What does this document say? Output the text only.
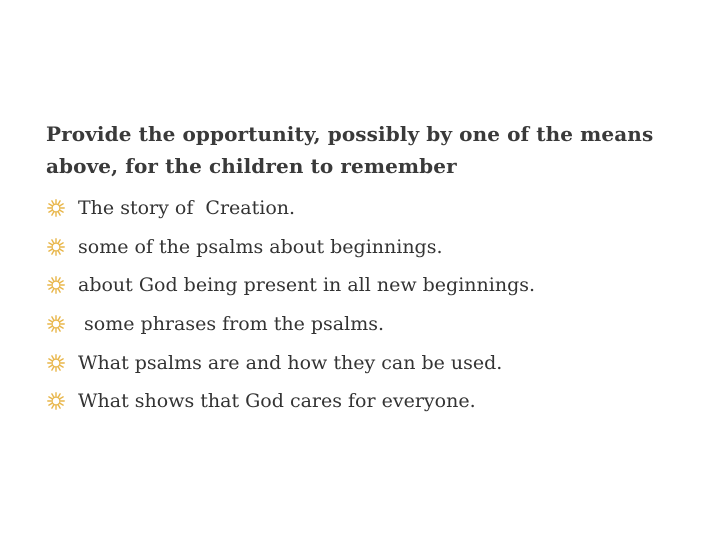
Provide the opportunity, possibly by one of the means
above, for the children to remember
The story of  Creation.
some of the psalms about beginnings.
about God being present in all new beginnings.
some phrases from the psalms.
What psalms are and how they can be used.
What shows that God cares for everyone.
